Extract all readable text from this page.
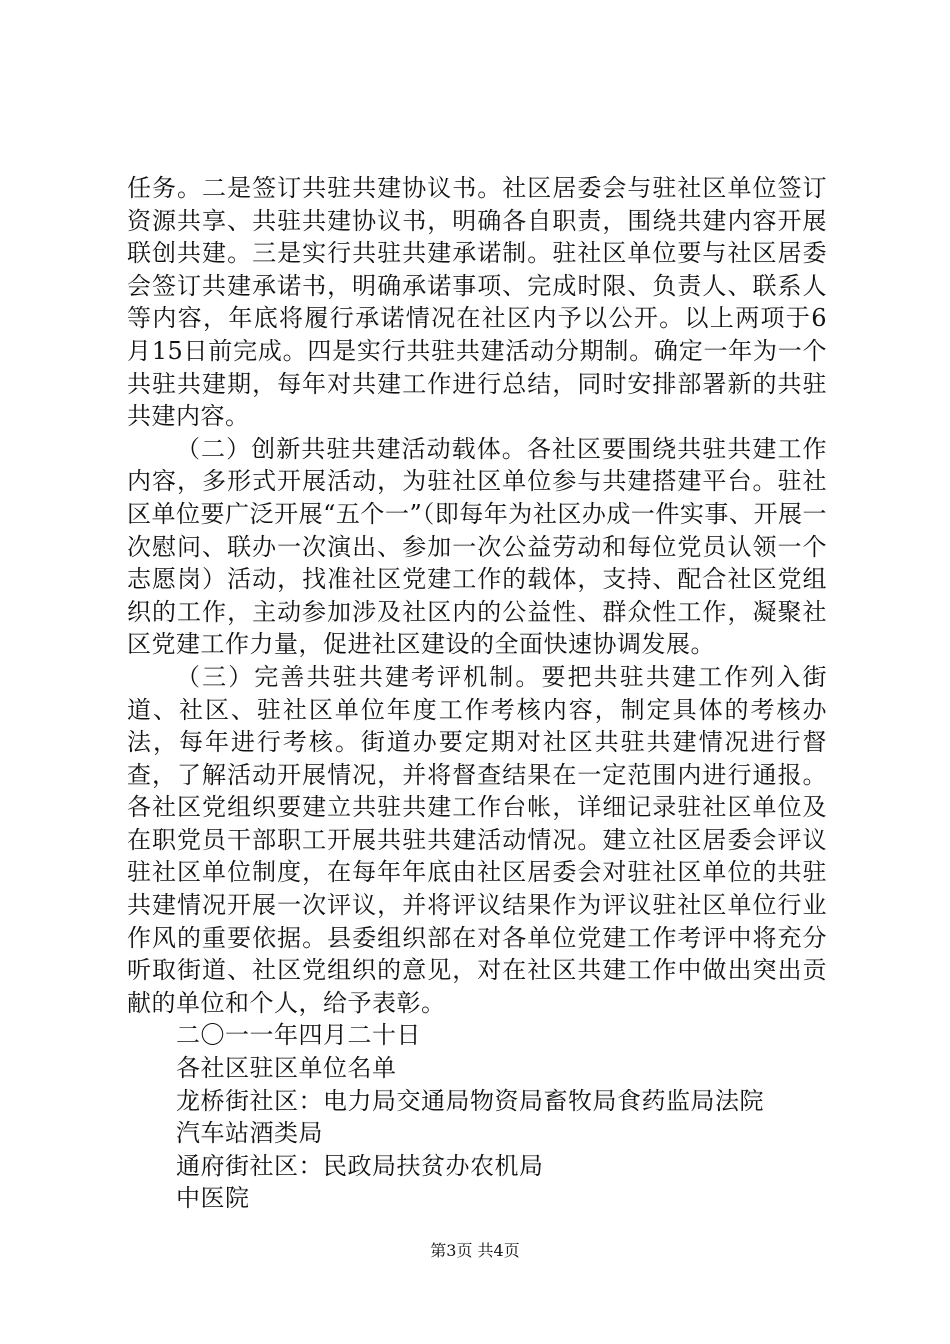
任务。二是签订共驻共建协议书。社区居委会与驻社区单位签订资源共享、共驻共建协议书，明确各自职责，围绕共建内容开展联创共建。三是实行共驻共建承诺制。驻社区单位要与社区居委会签订共建承诺书，明确承诺事项、完成时限、负责人、联系人等内容，年底将履行承诺情况在社区内予以公开。以上两项于6月15日前完成。四是实行共驻共建活动分期制。确定一年为一个共驻共建期，每年对共建工作进行总结，同时安排部署新的共驻共建内容。

（二）创新共驻共建活动载体。各社区要围绕共驻共建工作内容，多形式开展活动，为驻社区单位参与共建搭建平台。驻社区单位要广泛开展“五个一”（即每年为社区办成一件实事、开展一次慰问、联办一次演出、参加一次公益劳动和每位党员认领一个志愿岗）活动，找准社区党建工作的载体，支持、配合社区党组织的工作，主动参加涉及社区内的公益性、群众性工作，凝聚社区党建工作力量，促进社区建设的全面快速协调发展。

（三）完善共驻共建考评机制。要把共驻共建工作列入街道、社区、驻社区单位年度工作考核内容，制定具体的考核办法，每年进行考核。街道办要定期对社区共驻共建情况进行督查，了解活动开展情况，并将督查结果在一定范围内进行通报。各社区党组织要建立共驻共建工作台帐，详细记录驻社区单位及在职党员干部职工开展共驻共建活动情况。建立社区居委会评议驻社区单位制度，在每年年底由社区居委会对驻社区单位的共驻共建情况开展一次评议，并将评议结果作为评议驻社区单位行业作风的重要依据。县委组织部在对各单位党建工作考评中将充分听取街道、社区党组织的意见，对在社区共建工作中做出突出贡献的单位和个人，给予表彰。

二〇一一年四月二十日

各社区驻区单位名单

龙桥街社区：电力局交通局物资局畜牧局食药监局法院

汽车站酒类局

通府街社区：民政局扶贫办农机局

中医院

第3页 共4页
